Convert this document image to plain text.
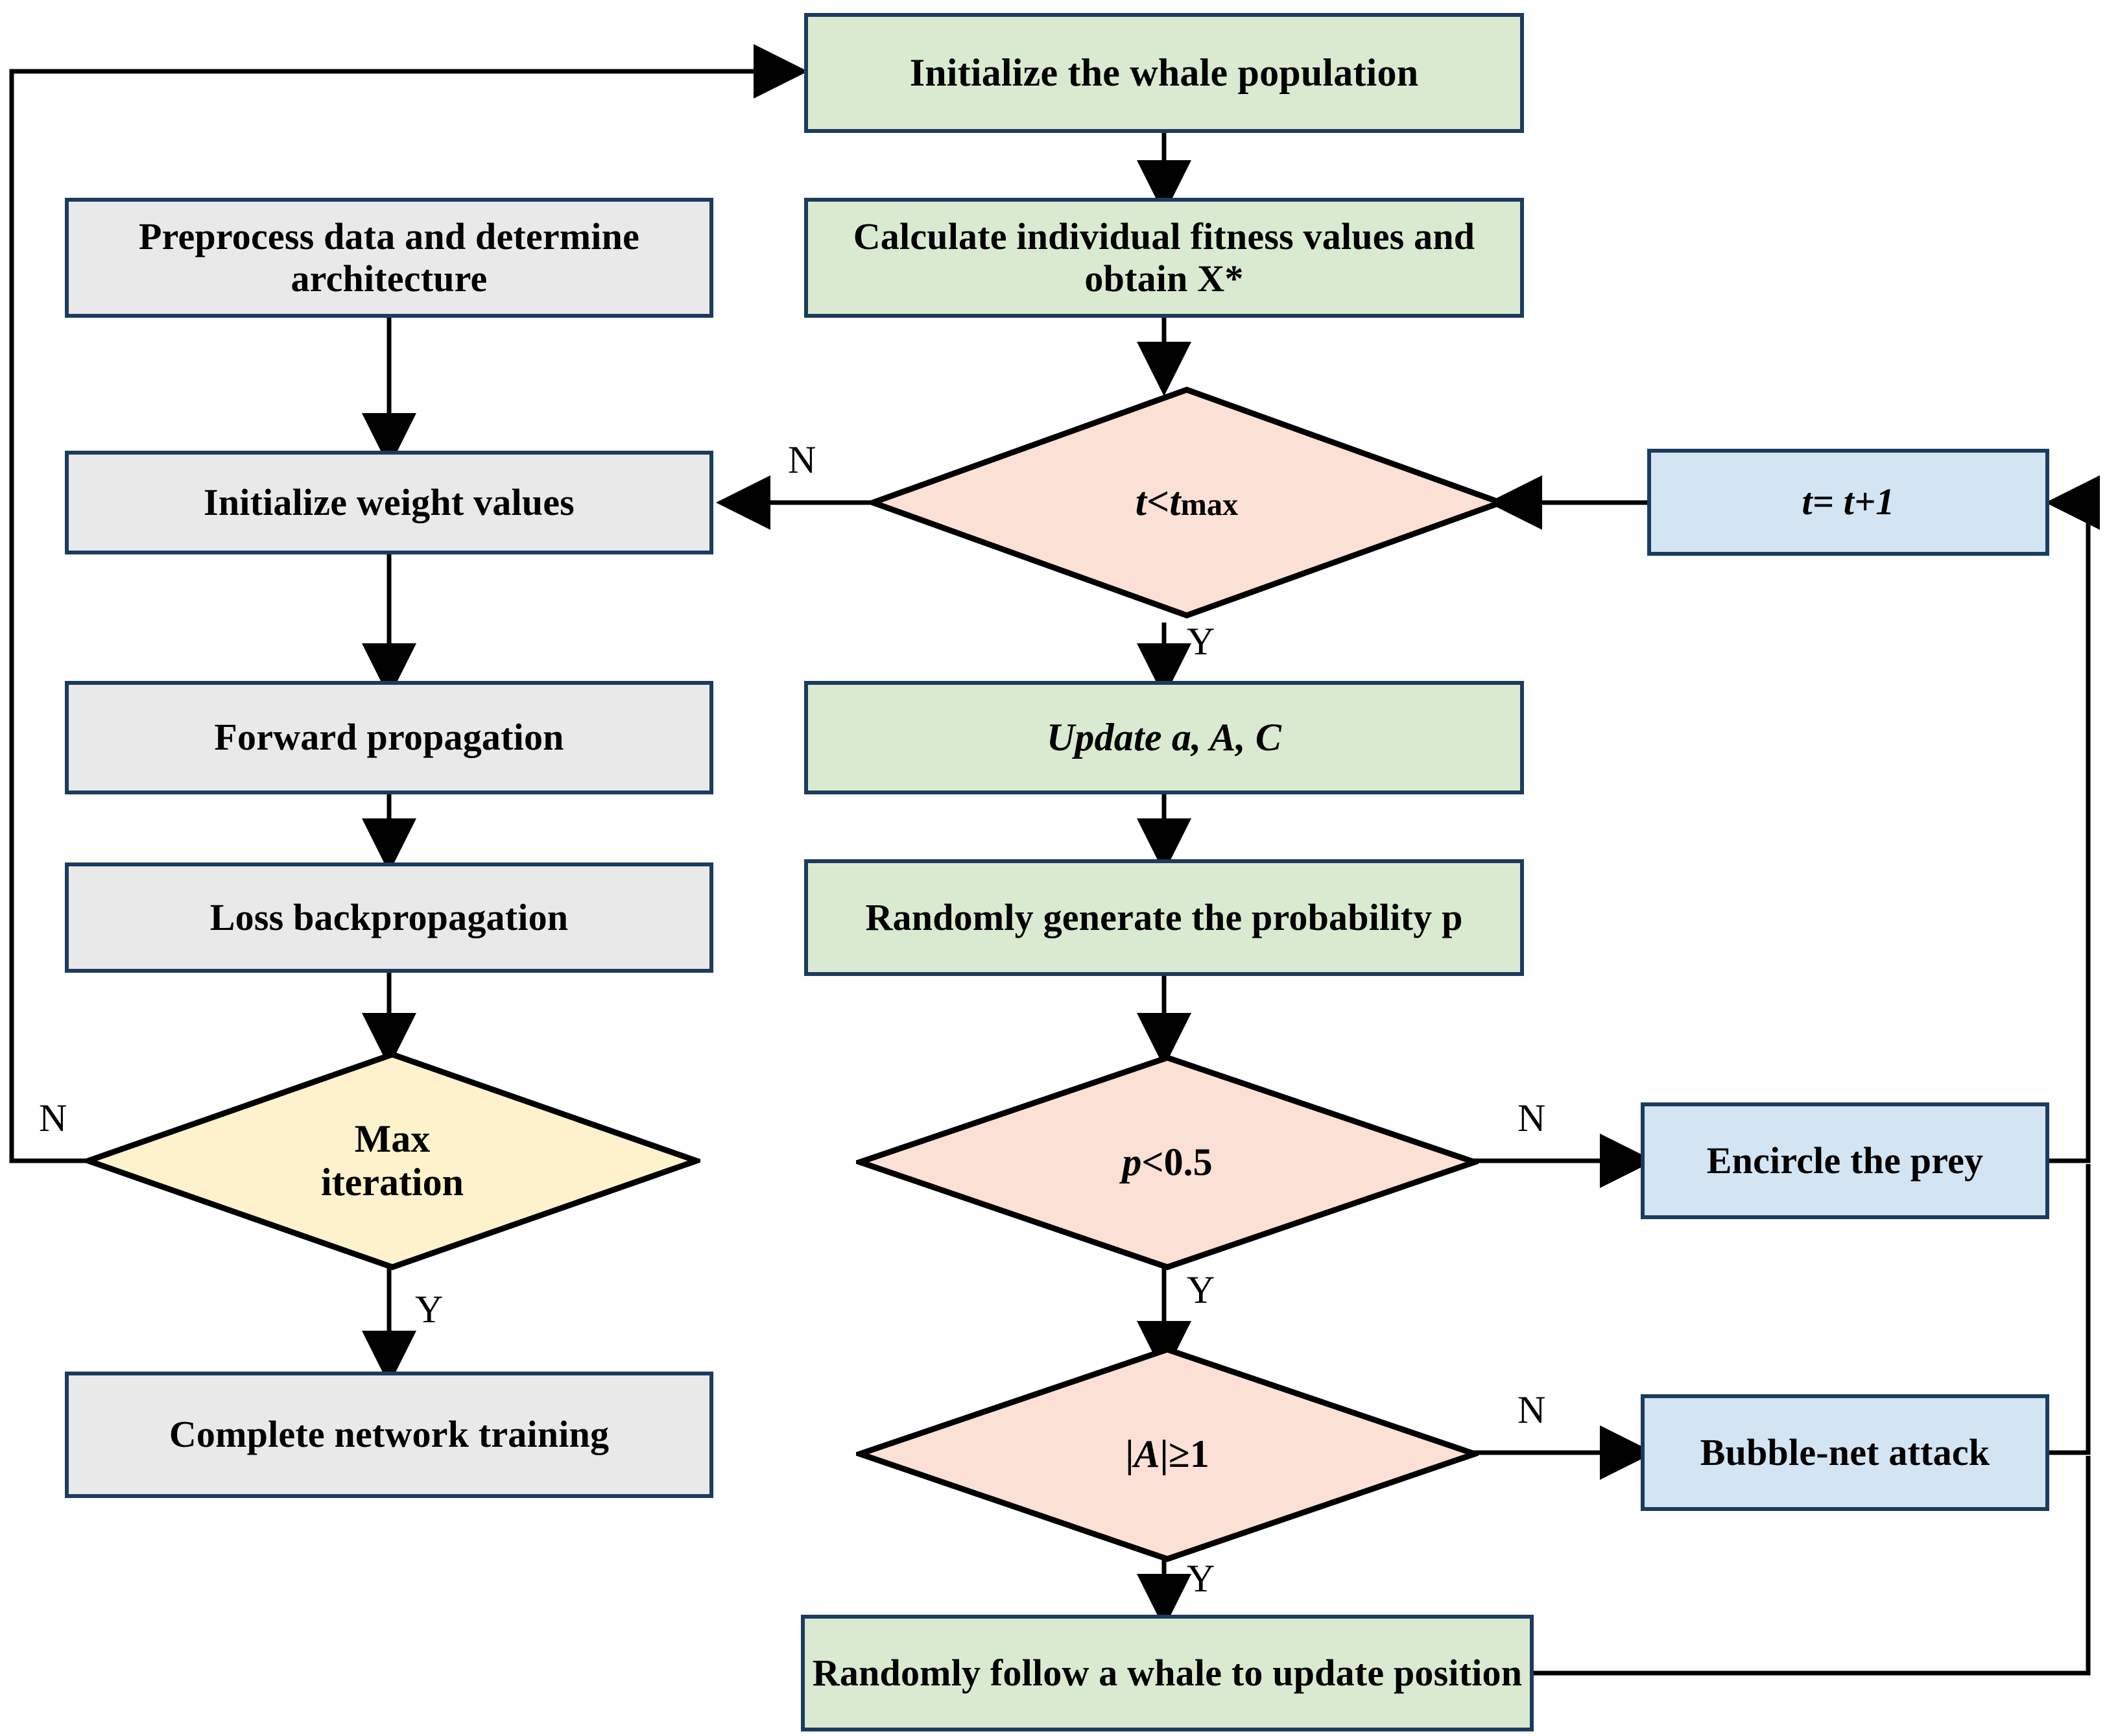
Initialize the whale population
Preprocess data and determine architecture
Calculate individual fitness values and obtain X*
Initialize weight values	t<tmax	t= t+1
Forward propagation	Update a, A, C
Loss backpropagation	Randomly generate the probability p
Max
iteration	p<0.5	Encircle the prey
Complete network training	|A|≥1	Bubble-net attack
Randomly follow a whale to update position
N
Y
N
Y
N
Y
N
Y
